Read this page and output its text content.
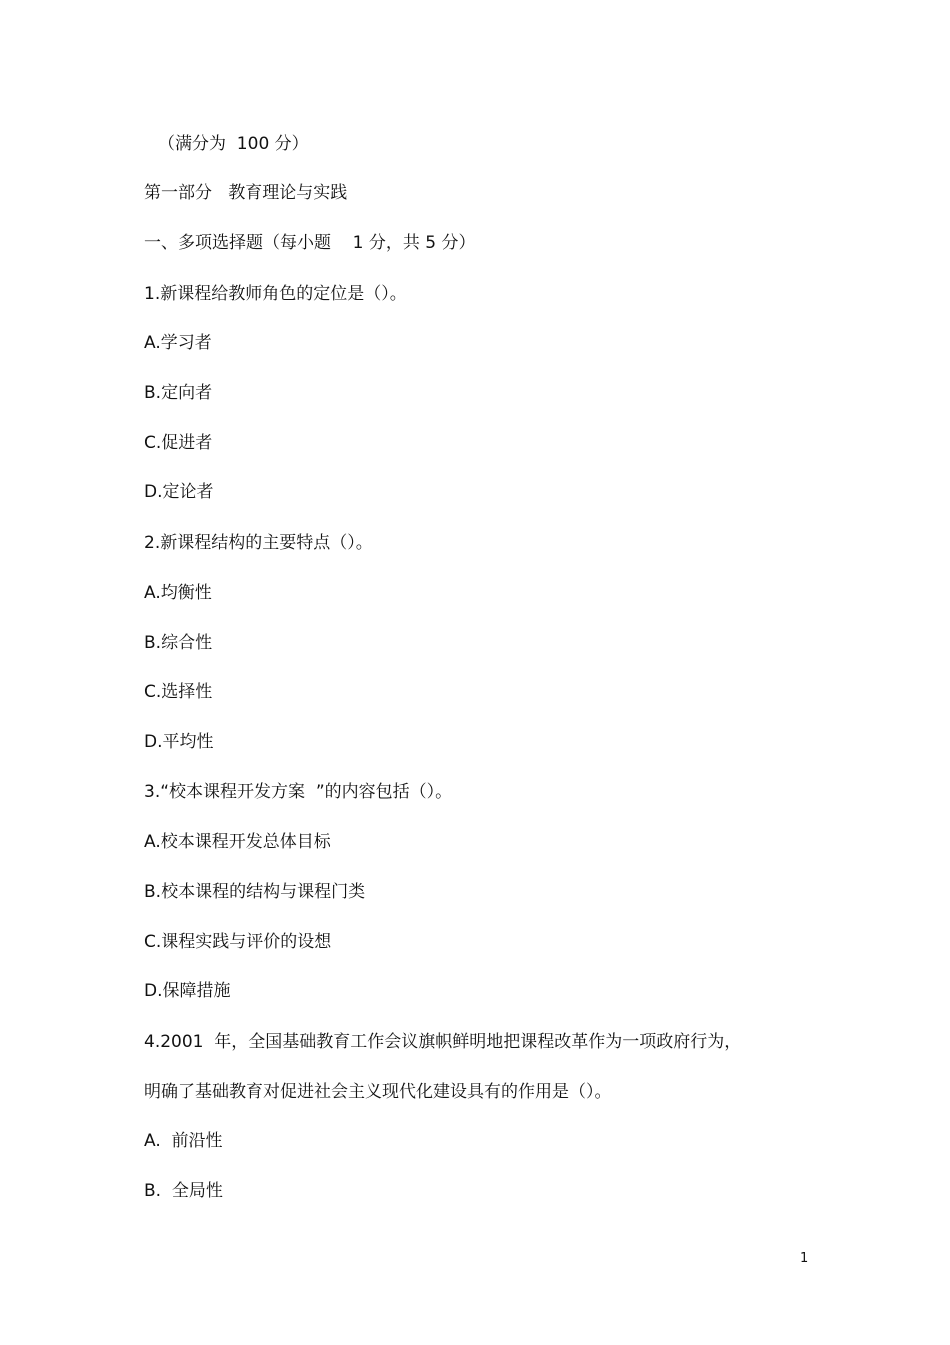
（满分为  100 分）
第一部分   教育理论与实践
一、多项选择题（每小题    1 分，共 5 分）
1.新课程给教师角色的定位是（）。
A.学习者
B.定向者
C.促进者
D.定论者
2.新课程结构的主要特点（）。
A.均衡性
B.综合性
C.选择性
D.平均性
3.“校本课程开发方案  ”的内容包括（）。
A.校本课程开发总体目标
B.校本课程的结构与课程门类
C.课程实践与评价的设想
D.保障措施
4.2001  年，全国基础教育工作会议旗帜鲜明地把课程改革作为一项政府行为，
明确了基础教育对促进社会主义现代化建设具有的作用是（）。
A.  前沿性
B.  全局性
1
